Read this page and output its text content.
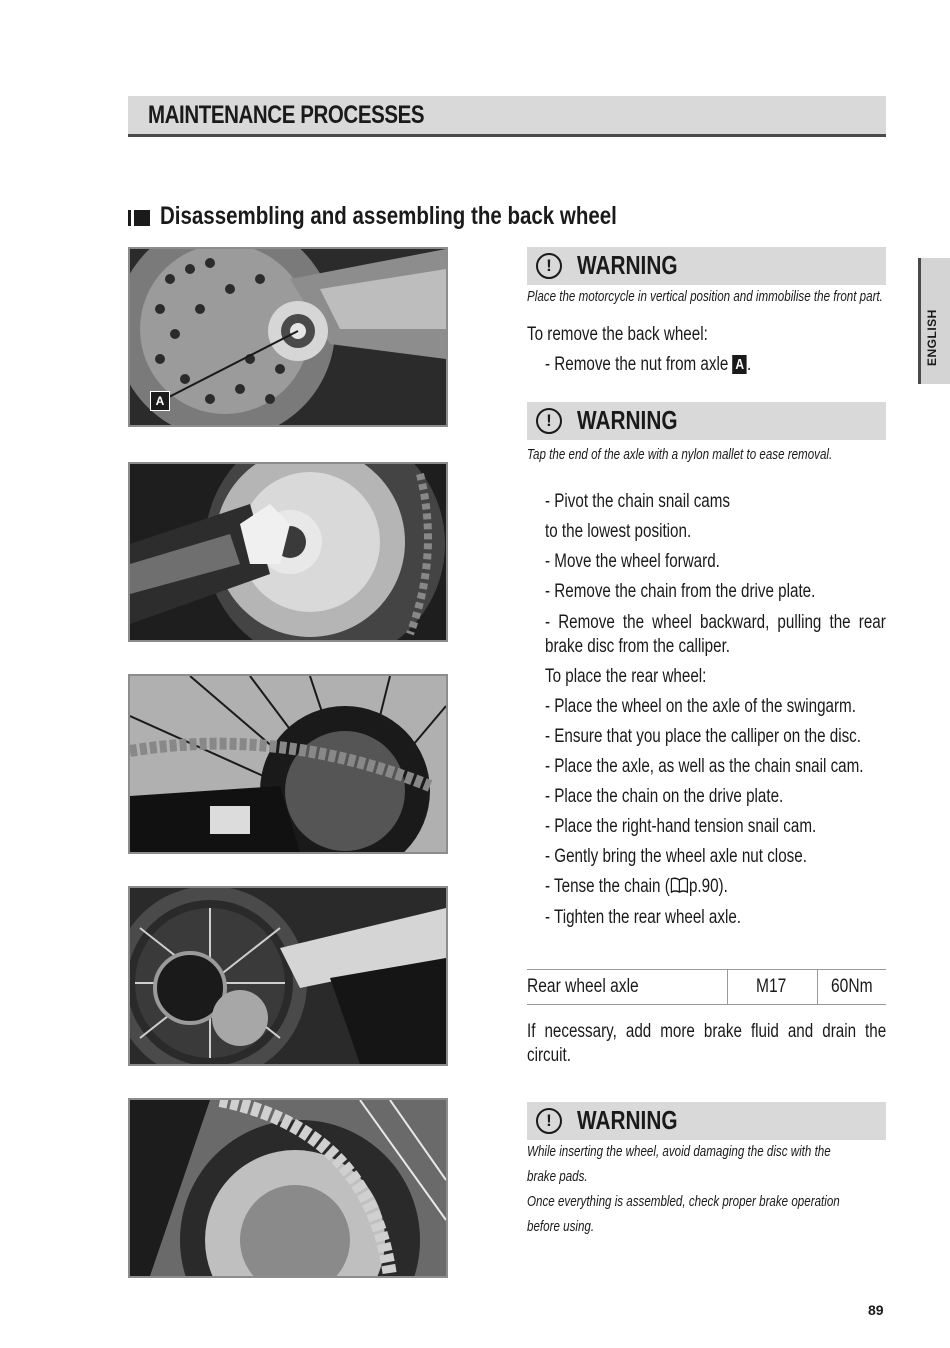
MAINTENANCE PROCESSES
Disassembling and assembling the back wheel
ENGLISH
A
! WARNING
Place the motorcycle in vertical position and immobilise the front part.
To remove the back wheel:
- Remove the nut from axle A .
! WARNING
Tap the end of the axle with a nylon mallet to ease removal.
- Pivot the chain snail cams
to the lowest position.
- Move the wheel forward.
- Remove the chain from the drive plate.
- Remove the wheel backward, pulling the rear brake disc from the calliper.
To place the rear wheel:
- Place the wheel on the axle of the swingarm.
- Ensure that you place the calliper on the disc.
- Place the axle, as well as the chain snail cam.
- Place the chain on the drive plate.
- Place the right-hand tension snail cam.
- Gently bring the wheel axle nut close.
- Tense the chain ( p.90).
- Tighten the rear wheel axle.
Rear wheel axle	M17	60Nm
If necessary, add more brake fluid and drain the circuit.
! WARNING
While inserting the wheel, avoid damaging the disc with the
brake pads.
Once everything is assembled, check proper brake operation
before using.
89
